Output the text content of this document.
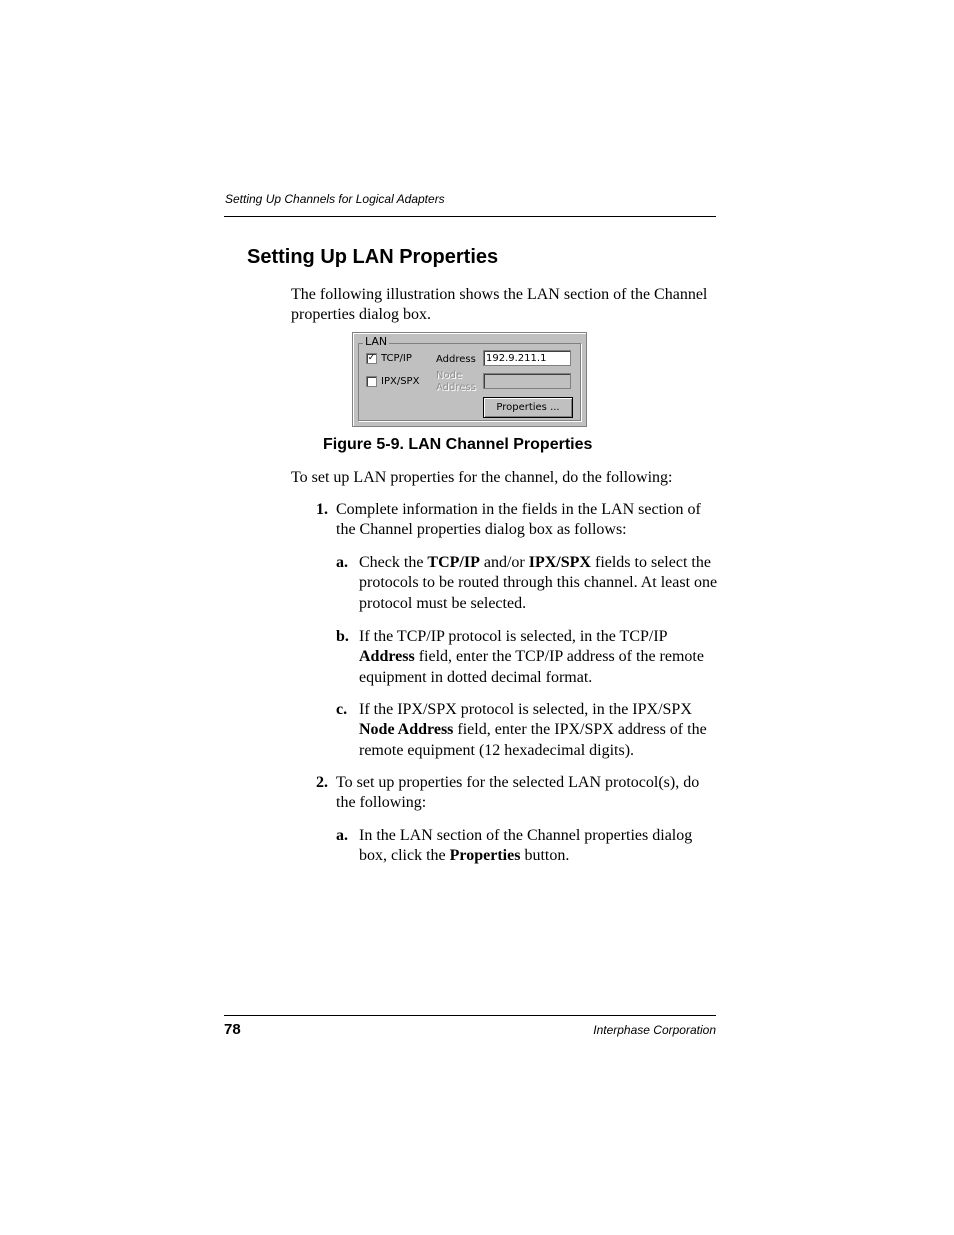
Setting Up Channels for Logical Adapters
Setting Up LAN Properties

The following illustration shows the LAN section of the Channel properties dialog box.

LAN
✓ TCP/IP
IPX/SPX
Address	192.9.211.1
Node
Address
Properties ...
Figure 5-9. LAN Channel Properties

To set up LAN properties for the channel, do the following:

1. Complete information in the fields in the LAN section of the Channel properties dialog box as follows:

a. Check the TCP/IP and/or IPX/SPX fields to select the protocols to be routed through this channel. At least one protocol must be selected.

b. If the TCP/IP protocol is selected, in the TCP/IP Address field, enter the TCP/IP address of the remote equipment in dotted decimal format.

c. If the IPX/SPX protocol is selected, in the IPX/SPX Node Address field, enter the IPX/SPX address of the remote equipment (12 hexadecimal digits).

2. To set up properties for the selected LAN protocol(s), do the following:

a. In the LAN section of the Channel properties dialog box, click the Properties button.

78	Interphase Corporation
